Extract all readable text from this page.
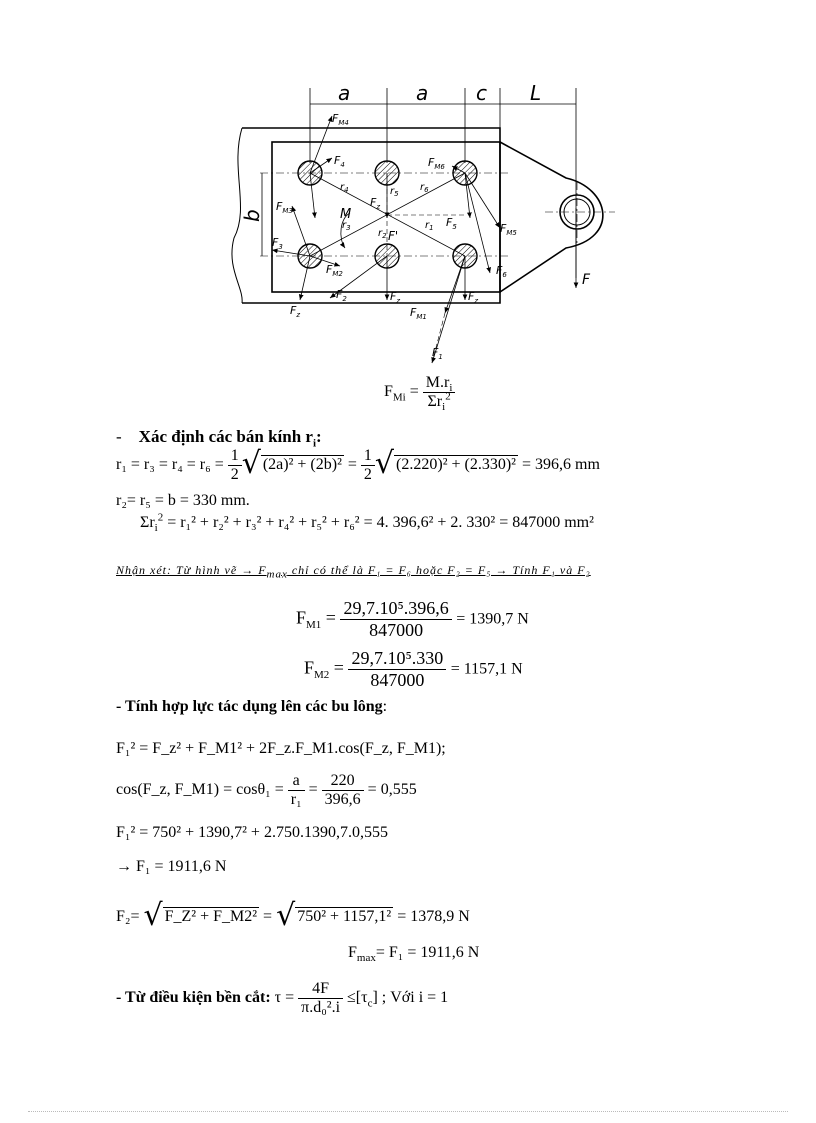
a	a c L
b
$F_{M4}$
$F_4$	$F_{M6}$
$F_{M3}$
$F_3$
$F_{M2}$
$F_2$
$F_z$
$F_z$	$F_z$
$F_{M1}$
$F_1$
$F_5$	$F_{M5}$
$F_6$
M
F'
$F_z$
F
$r_4$	$r_5$
$r_6$
$r_3$	$r_2$
$r_1$
$F_{Mi} = \frac{M.r_i}{\Sigma r_i^2}$
- Xác định các bán kính $r_i$:
$r_1 = r_3 = r_4 = r_6 = \frac{1}{2}$ √ $(2a)^2 + (2b)^2 = \frac{1}{2}$ √ (2.220)² + (2.330)² = 396,6 mm
r₂= r₅ = b = 330 mm.
$\Sigma r_i^2 = r_1^2 + r_2^2 + r_3^2 + r_4^2 + r_5^2 + r_6^2 = 4$. 396,6² + 2. 330² = 847000 mm²
Nhận xét: Từ hình vẽ → $F_{max}$ chỉ có thể là F₁ = F₆ hoặc F₂ = F₅ → Tính F₁ và F₂
$F_{M1} = \frac{\text{29,7.10⁵.396,6}}{847000} = 1390,7$ N
$F_{M2} = \frac{\text{29,7.10⁵.330}}{847000} = 1157,1$ N
- Tính hợp lực tác dụng lên các bu lông:
F₁² = F_z² + F_M1² + 2F_z.F_M1.cos(F_z, F_M1);
cos(F_z, F_M1) = $\cos\theta_1 = \frac{a}{\text{r₁}} = \frac{220}{396,6} = 0,555$
F₁² = 750² + 1390,7² + 2.750.1390,7.0,555
→ F₁ = 1911,6 N
F₂= √ F_Z² + F_M2² = √ 750² + 1157,1² = 1378,9 N
$F_{max}= F_1 = 1911,6$ N
- Từ điều kiện bền cắt: $\tau = \frac{4F}{\text{π.d₀².i}} \le[\tau_c]$ ; Với i = 1
